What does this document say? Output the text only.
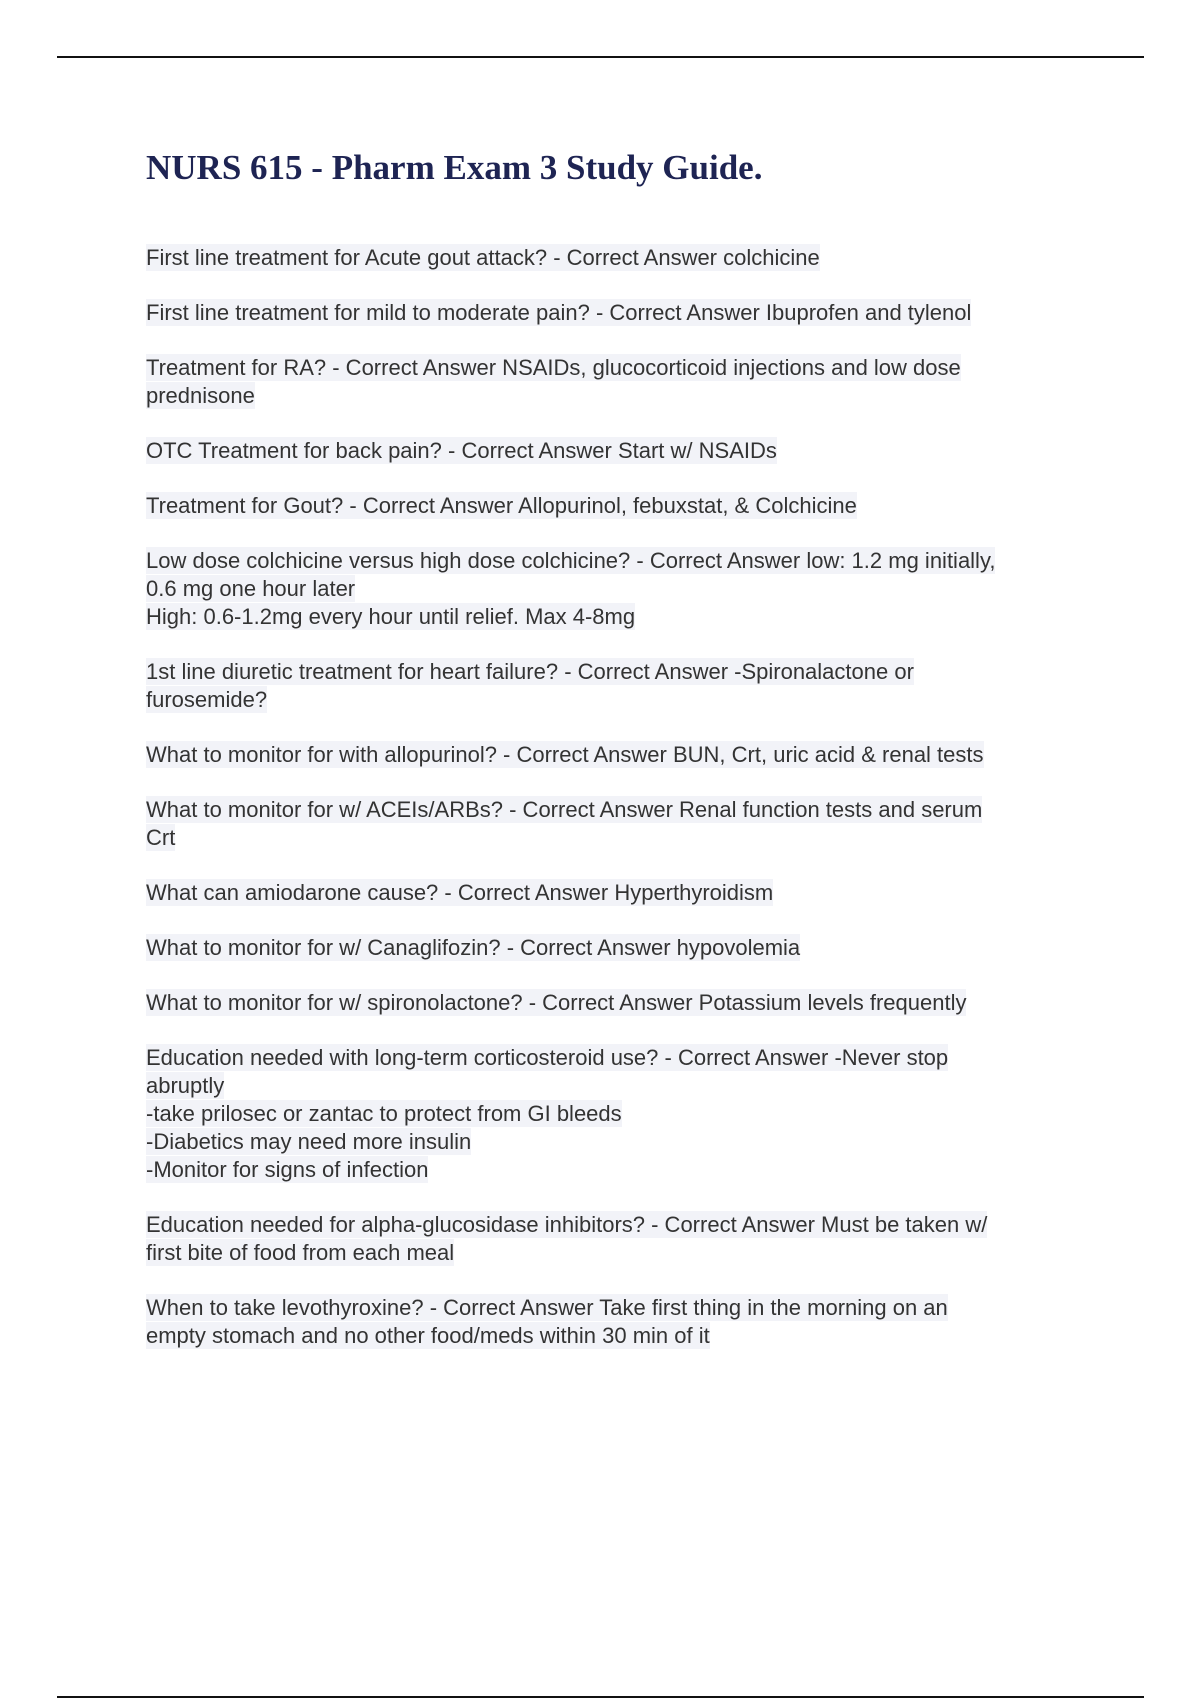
NURS 615 - Pharm Exam 3 Study Guide.

First line treatment for Acute gout attack? - Correct Answer colchicine

First line treatment for mild to moderate pain? - Correct Answer Ibuprofen and tylenol

Treatment for RA? - Correct Answer NSAIDs, glucocorticoid injections and low dose
prednisone

OTC Treatment for back pain? - Correct Answer Start w/ NSAIDs

Treatment for Gout? - Correct Answer Allopurinol, febuxstat, & Colchicine

Low dose colchicine versus high dose colchicine? - Correct Answer low: 1.2 mg initially,
0.6 mg one hour later
High: 0.6-1.2mg every hour until relief. Max 4-8mg

1st line diuretic treatment for heart failure? - Correct Answer -Spironalactone or
furosemide?

What to monitor for with allopurinol? - Correct Answer BUN, Crt, uric acid & renal tests

What to monitor for w/ ACEIs/ARBs? - Correct Answer Renal function tests and serum
Crt

What can amiodarone cause? - Correct Answer Hyperthyroidism

What to monitor for w/ Canaglifozin? - Correct Answer hypovolemia

What to monitor for w/ spironolactone? - Correct Answer Potassium levels frequently

Education needed with long-term corticosteroid use? - Correct Answer -Never stop
abruptly
-take prilosec or zantac to protect from GI bleeds
-Diabetics may need more insulin
-Monitor for signs of infection

Education needed for alpha-glucosidase inhibitors? - Correct Answer Must be taken w/
first bite of food from each meal

When to take levothyroxine? - Correct Answer Take first thing in the morning on an
empty stomach and no other food/meds within 30 min of it
